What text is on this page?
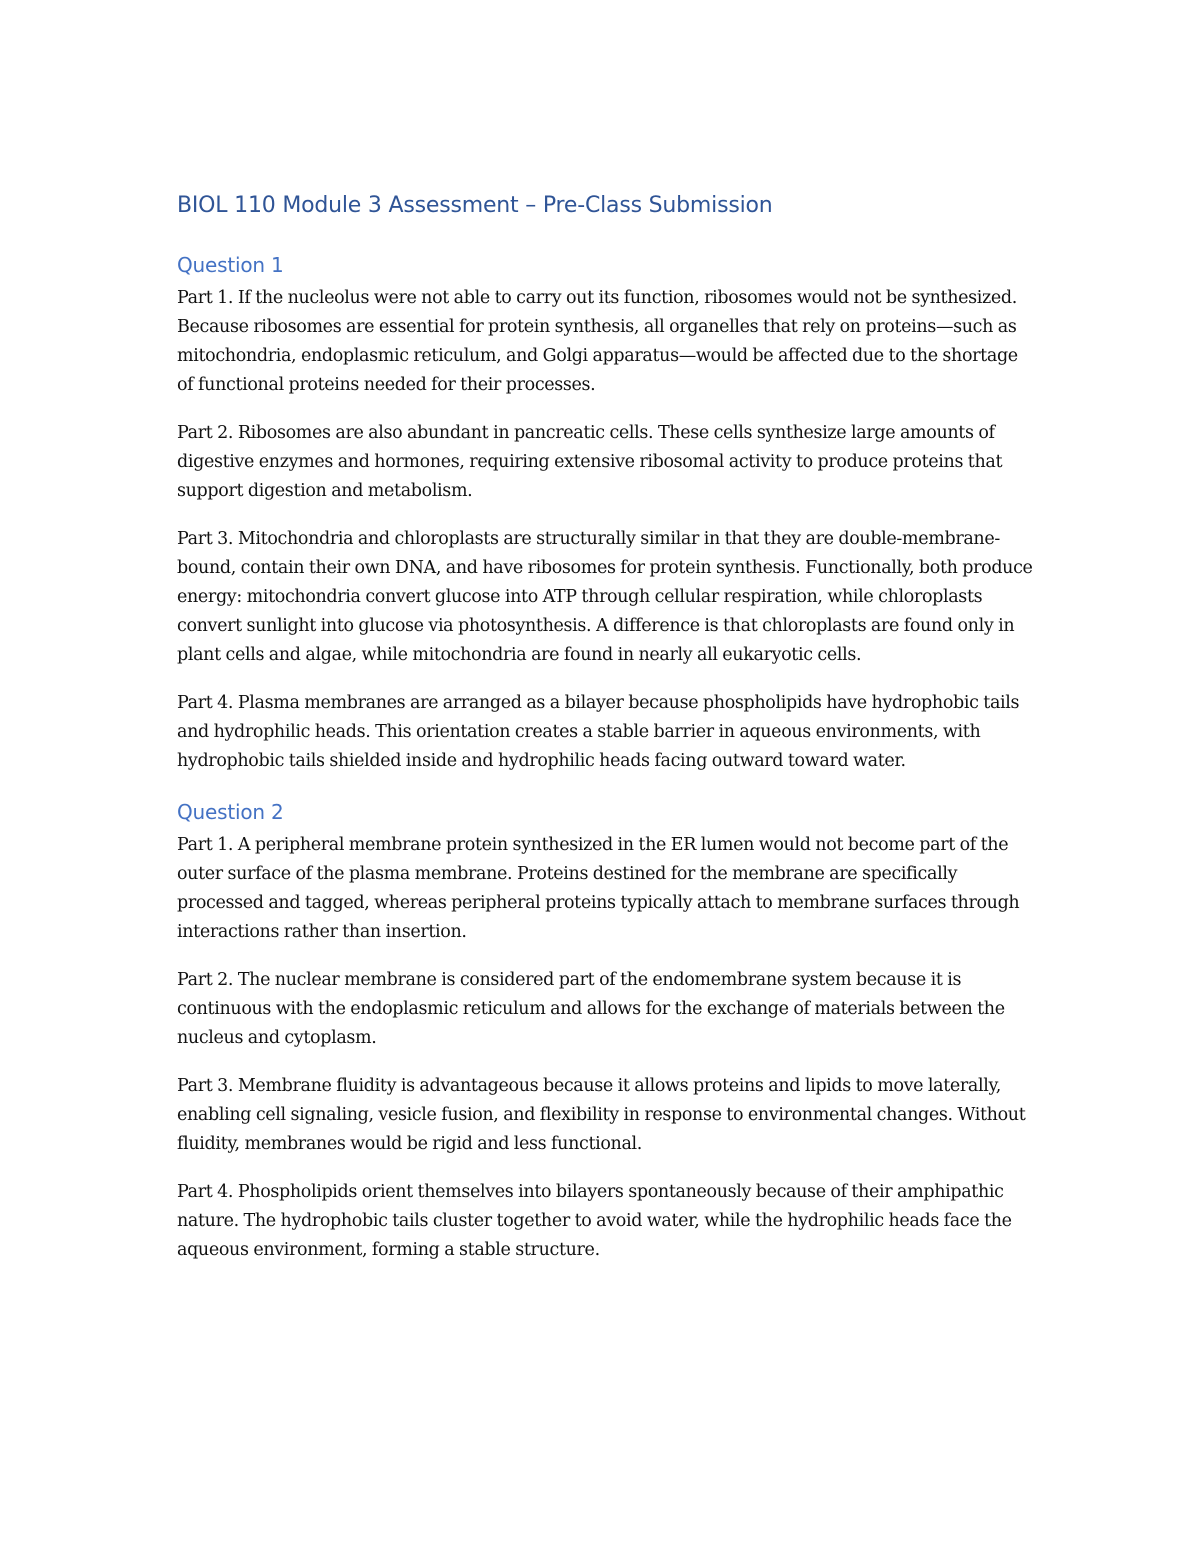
BIOL 110 Module 3 Assessment – Pre-Class Submission
Question 1

Part 1. If the nucleolus were not able to carry out its function, ribosomes would not be synthesized. Because ribosomes are essential for protein synthesis, all organelles that rely on proteins—such as mitochondria, endoplasmic reticulum, and Golgi apparatus—would be affected due to the shortage of functional proteins needed for their processes.

Part 2. Ribosomes are also abundant in pancreatic cells. These cells synthesize large amounts of digestive enzymes and hormones, requiring extensive ribosomal activity to produce proteins that support digestion and metabolism.

Part 3. Mitochondria and chloroplasts are structurally similar in that they are double-membrane-bound, contain their own DNA, and have ribosomes for protein synthesis. Functionally, both produce energy: mitochondria convert glucose into ATP through cellular respiration, while chloroplasts convert sunlight into glucose via photosynthesis. A difference is that chloroplasts are found only in plant cells and algae, while mitochondria are found in nearly all eukaryotic cells.

Part 4. Plasma membranes are arranged as a bilayer because phospholipids have hydrophobic tails and hydrophilic heads. This orientation creates a stable barrier in aqueous environments, with hydrophobic tails shielded inside and hydrophilic heads facing outward toward water.

Question 2

Part 1. A peripheral membrane protein synthesized in the ER lumen would not become part of the outer surface of the plasma membrane. Proteins destined for the membrane are specifically processed and tagged, whereas peripheral proteins typically attach to membrane surfaces through interactions rather than insertion.

Part 2. The nuclear membrane is considered part of the endomembrane system because it is continuous with the endoplasmic reticulum and allows for the exchange of materials between the nucleus and cytoplasm.

Part 3. Membrane fluidity is advantageous because it allows proteins and lipids to move laterally, enabling cell signaling, vesicle fusion, and flexibility in response to environmental changes. Without fluidity, membranes would be rigid and less functional.

Part 4. Phospholipids orient themselves into bilayers spontaneously because of their amphipathic nature. The hydrophobic tails cluster together to avoid water, while the hydrophilic heads face the aqueous environment, forming a stable structure.
